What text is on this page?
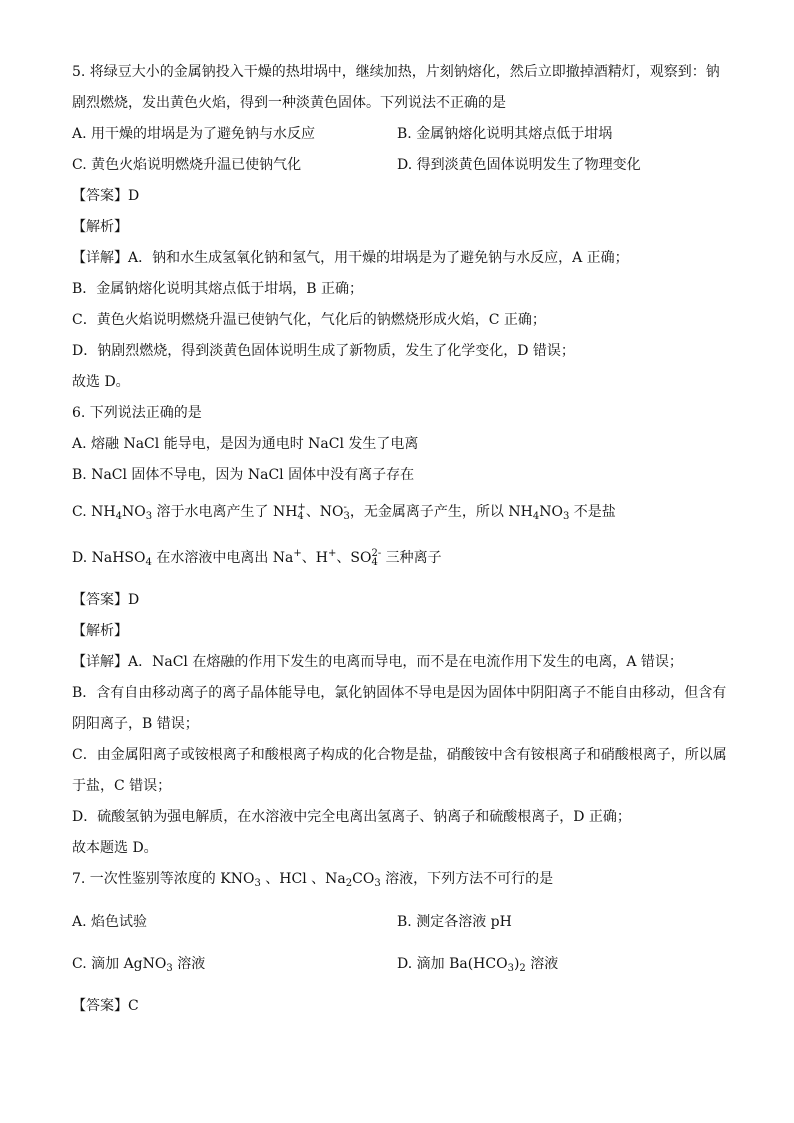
5. 将绿豆大小的金属钠投入干燥的热坩埚中，继续加热，片刻钠熔化，然后立即撤掉酒精灯，观察到：钠
剧烈燃烧，发出黄色火焰，得到一种淡黄色固体。下列说法不正确的是
A. 用干燥的坩埚是为了避免钠与水反应	B. 金属钠熔化说明其熔点低于坩埚
C. 黄色火焰说明燃烧升温已使钠气化	D. 得到淡黄色固体说明发生了物理变化
【答案】D
【解析】
【详解】A．钠和水生成氢氧化钠和氢气，用干燥的坩埚是为了避免钠与水反应，A 正确；
B．金属钠熔化说明其熔点低于坩埚，B 正确；
C．黄色火焰说明燃烧升温已使钠气化，气化后的钠燃烧形成火焰，C 正确；
D．钠剧烈燃烧，得到淡黄色固体说明生成了新物质，发生了化学变化，D 错误；
故选 D。
6. 下列说法正确的是
A. 熔融 NaCl 能导电，是因为通电时 NaCl 发生了电离
B. NaCl 固体不导电，因为 NaCl 固体中没有离子存在
C. $NH_4NO_3$ 溶于水电离产生了 NH +
4 、NO -
3 ，无金属离子产生，所以 $NH_4NO_3$ 不是盐
D. NaHSO$_4$ 在水溶液中电离出 Na+、H+、SO 2-
4 三种离子
【答案】D
【解析】
【详解】A．NaCl 在熔融的作用下发生的电离而导电，而不是在电流作用下发生的电离，A 错误；
B．含有自由移动离子的离子晶体能导电，氯化钠固体不导电是因为固体中阴阳离子不能自由移动，但含有
阴阳离子，B 错误；
C．由金属阳离子或铵根离子和酸根离子构成的化合物是盐，硝酸铵中含有铵根离子和硝酸根离子，所以属
于盐，C 错误；
D．硫酸氢钠为强电解质，在水溶液中完全电离出氢离子、钠离子和硫酸根离子，D 正确；
故本题选 D。
7. 一次性鉴别等浓度的 $KNO_3$ 、HCl 、$Na_2CO_3$ 溶液，下列方法不可行的是
A. 焰色试验	B. 测定各溶液 pH
C. 滴加 AgNO$_3$ 溶液	D. 滴加 $Ba(HCO_3)_2$ 溶液
【答案】C
